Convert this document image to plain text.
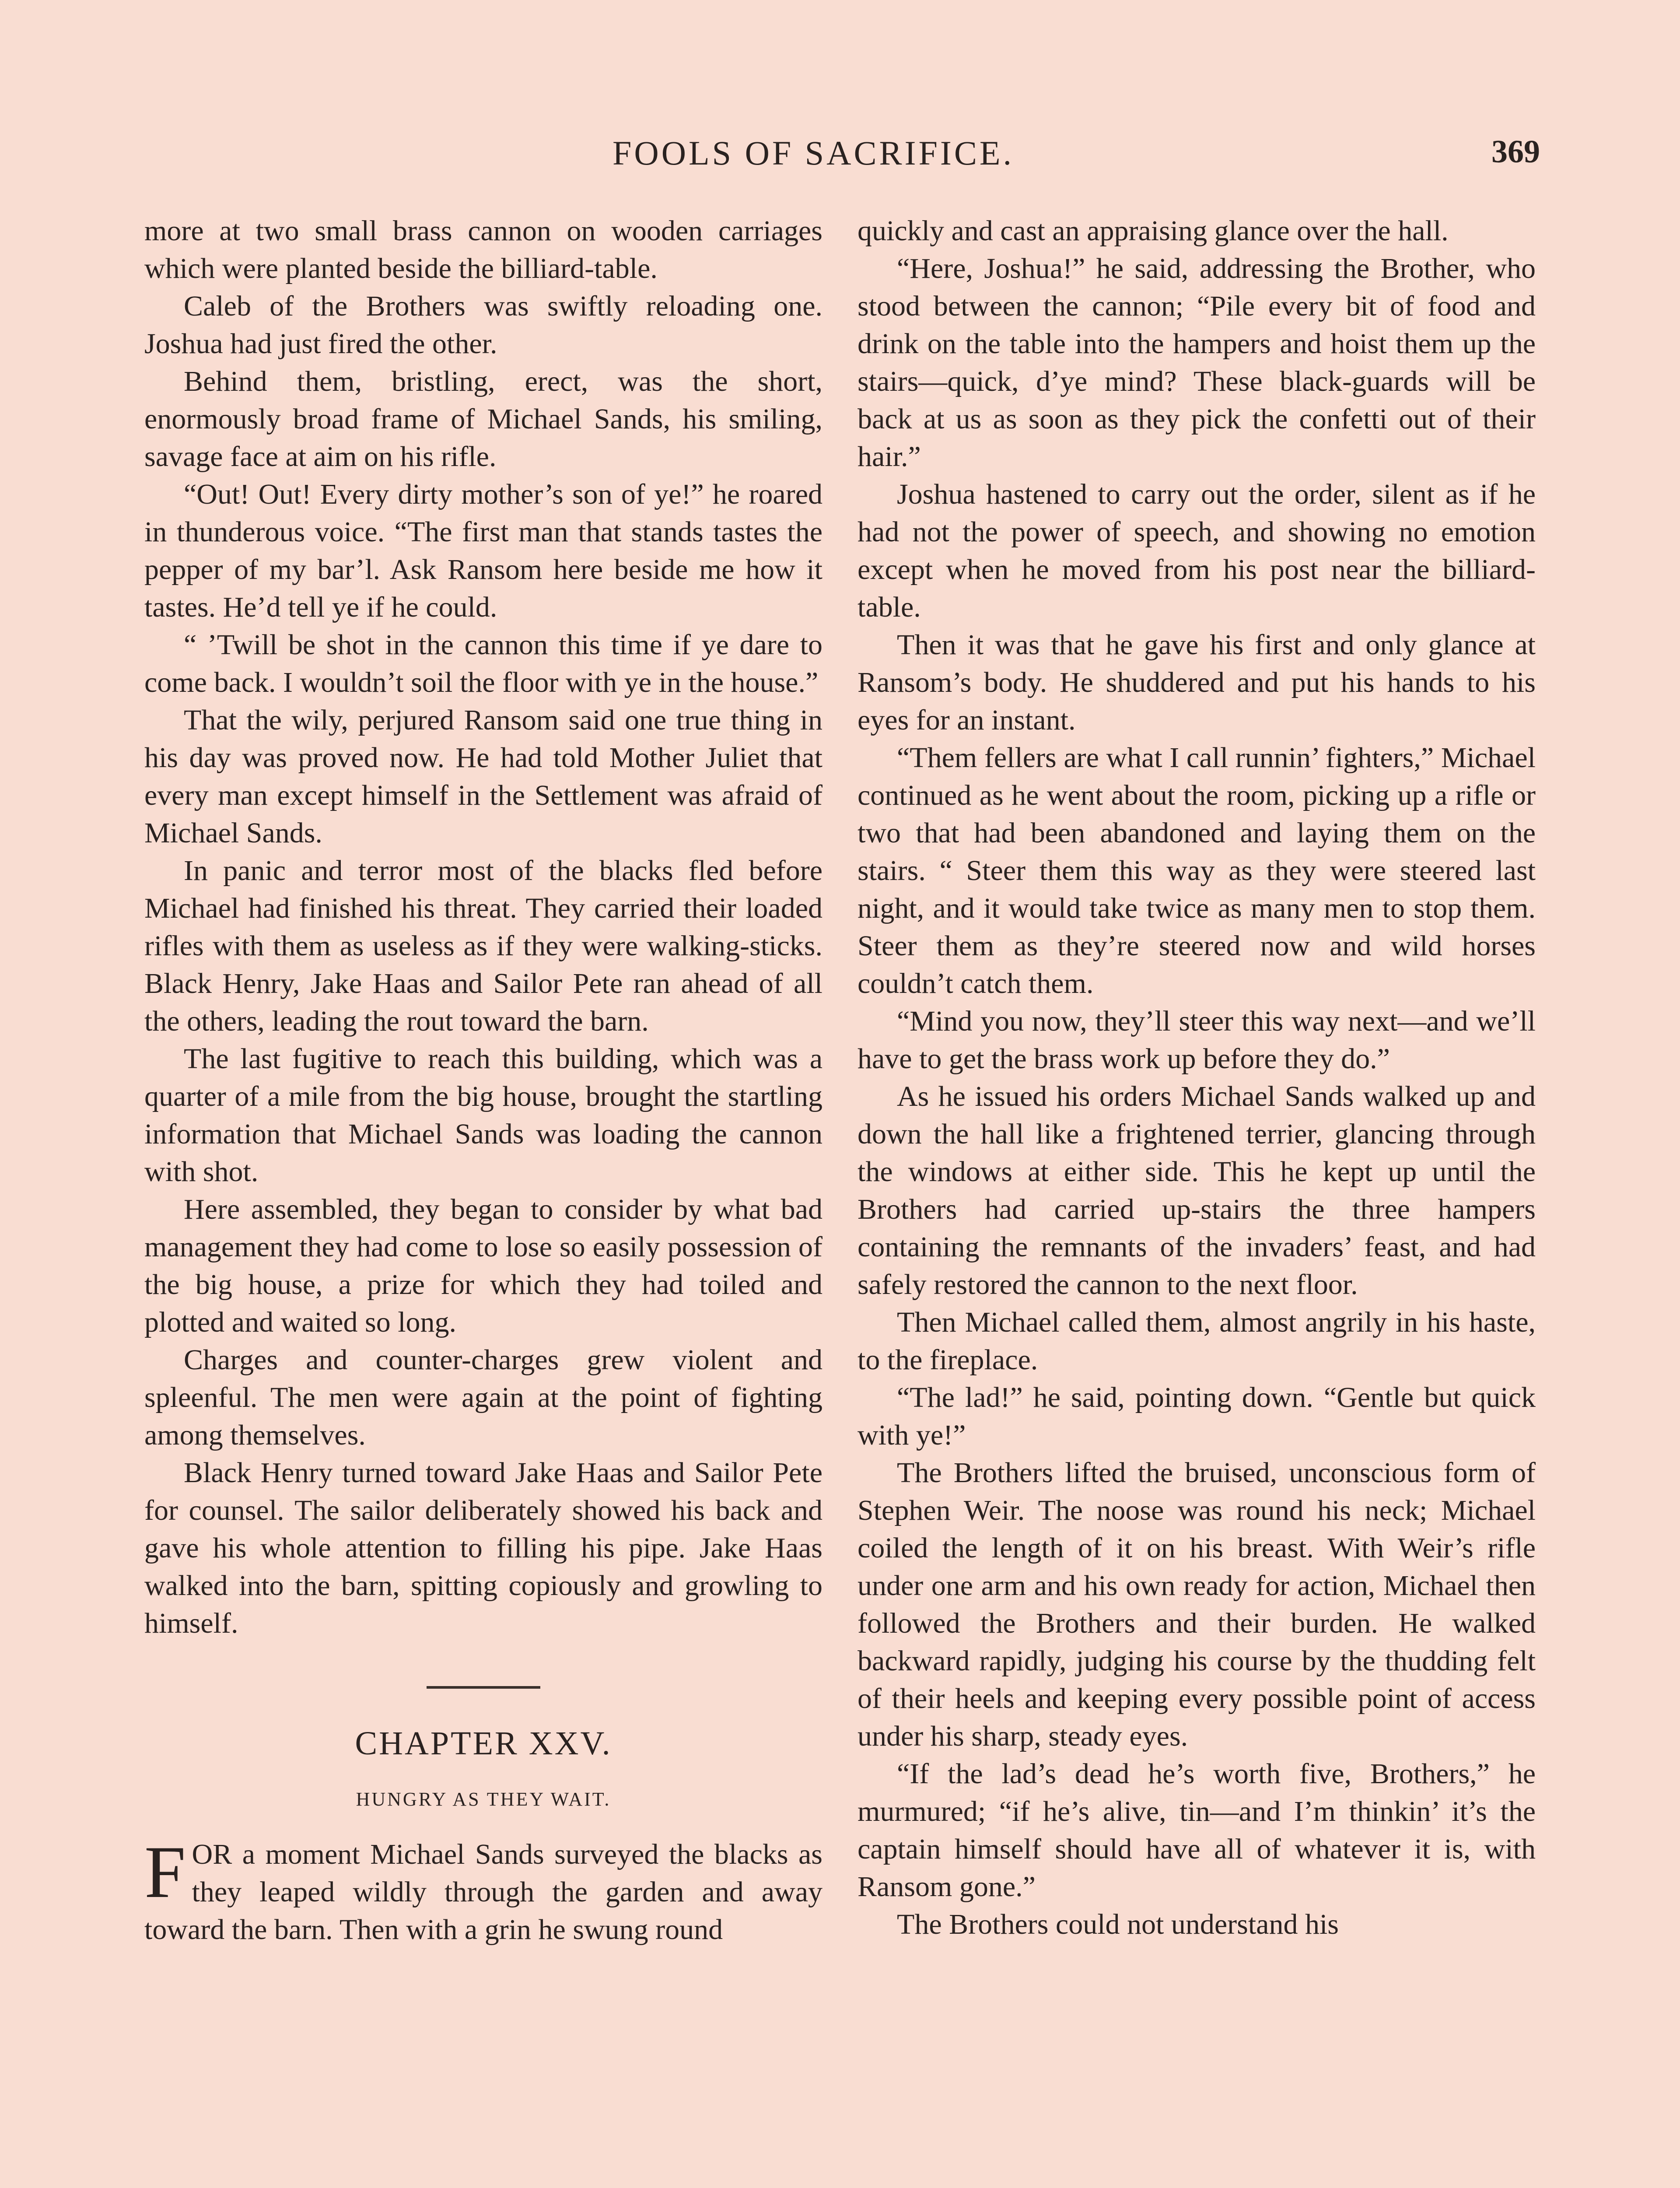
FOOLS OF SACRIFICE.	369

more at two small brass cannon on wooden carriages which were planted beside the billiard-table.

Caleb of the Brothers was swiftly reloading one. Joshua had just fired the other.

Behind them, bristling, erect, was the short, enormously broad frame of Michael Sands, his smiling, savage face at aim on his rifle.

“Out! Out! Every dirty mother’s son of ye!” he roared in thunderous voice. “The first man that stands tastes the pepper of my bar’l. Ask Ransom here beside me how it tastes. He’d tell ye if he could.

“ ’Twill be shot in the cannon this time if ye dare to come back. I wouldn’t soil the floor with ye in the house.”

That the wily, perjured Ransom said one true thing in his day was proved now. He had told Mother Juliet that every man except himself in the Settlement was afraid of Michael Sands.

In panic and terror most of the blacks fled before Michael had finished his threat. They carried their loaded rifles with them as useless as if they were walking-sticks. Black Henry, Jake Haas and Sailor Pete ran ahead of all the others, leading the rout toward the barn.

The last fugitive to reach this building, which was a quarter of a mile from the big house, brought the startling information that Michael Sands was loading the cannon with shot.

Here assembled, they began to consider by what bad management they had come to lose so easily possession of the big house, a prize for which they had toiled and plotted and waited so long.

Charges and counter-charges grew violent and spleenful. The men were again at the point of fighting among themselves.

Black Henry turned toward Jake Haas and Sailor Pete for counsel. The sailor deliberately showed his back and gave his whole attention to filling his pipe. Jake Haas walked into the barn, spitting copiously and growling to himself.

CHAPTER XXV.
HUNGRY AS THEY WAIT.

FOR a moment Michael Sands surveyed the blacks as they leaped wildly through the garden and away toward the barn. Then with a grin he swung round

quickly and cast an appraising glance over the hall.

“Here, Joshua!” he said, addressing the Brother, who stood between the cannon; “Pile every bit of food and drink on the table into the hampers and hoist them up the stairs—quick, d’ye mind? These black-guards will be back at us as soon as they pick the confetti out of their hair.”

Joshua hastened to carry out the order, silent as if he had not the power of speech, and showing no emotion except when he moved from his post near the billiard-table.

Then it was that he gave his first and only glance at Ransom’s body. He shuddered and put his hands to his eyes for an instant.

“Them fellers are what I call runnin’ fighters,” Michael continued as he went about the room, picking up a rifle or two that had been abandoned and laying them on the stairs. “ Steer them this way as they were steered last night, and it would take twice as many men to stop them. Steer them as they’re steered now and wild horses couldn’t catch them.

“Mind you now, they’ll steer this way next—and we’ll have to get the brass work up before they do.”

As he issued his orders Michael Sands walked up and down the hall like a frightened terrier, glancing through the windows at either side. This he kept up until the Brothers had carried up-stairs the three hampers containing the remnants of the invaders’ feast, and had safely restored the cannon to the next floor.

Then Michael called them, almost angrily in his haste, to the fireplace.

“The lad!” he said, pointing down. “Gentle but quick with ye!”

The Brothers lifted the bruised, unconscious form of Stephen Weir. The noose was round his neck; Michael coiled the length of it on his breast. With Weir’s rifle under one arm and his own ready for action, Michael then followed the Brothers and their burden. He walked backward rapidly, judging his course by the thudding felt of their heels and keeping every possible point of access under his sharp, steady eyes.

“If the lad’s dead he’s worth five, Brothers,” he murmured; “if he’s alive, tin—and I’m thinkin’ it’s the captain himself should have all of whatever it is, with Ransom gone.”

The Brothers could not understand his
